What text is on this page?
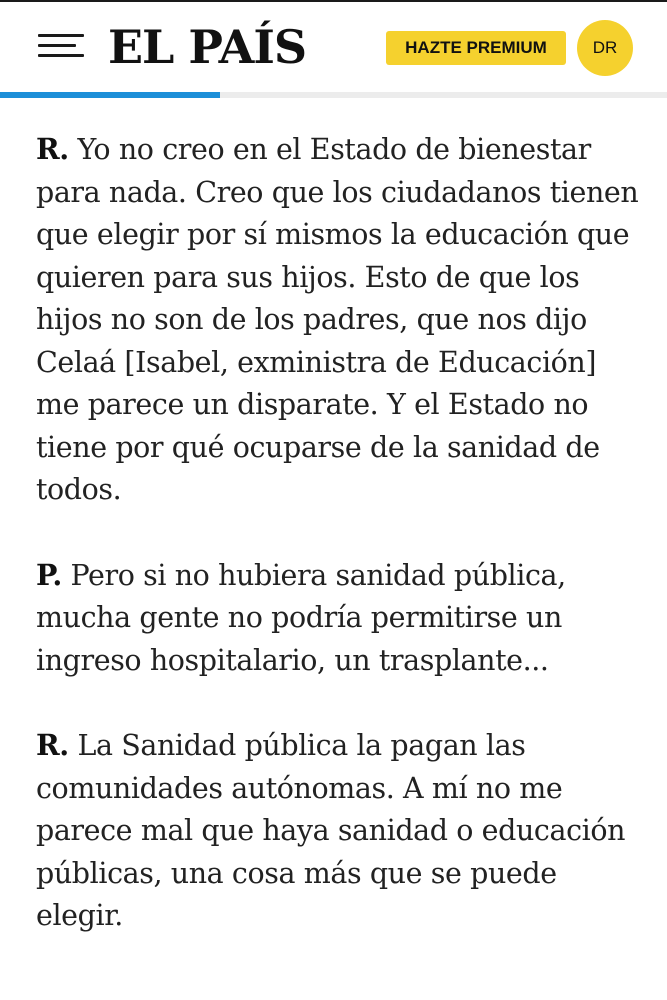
EL PAÍS	HAZTE PREMIUM	DR

R. Yo no creo en el Estado de bienestar para nada. Creo que los ciudadanos tienen que elegir por sí mismos la educación que quieren para sus hijos. Esto de que los hijos no son de los padres, que nos dijo Celaá [Isabel, exministra de Educación] me parece un disparate. Y el Estado no tiene por qué ocuparse de la sanidad de todos.

P. Pero si no hubiera sanidad pública, mucha gente no podría permitirse un ingreso hospitalario, un trasplante...

R. La Sanidad pública la pagan las comunidades autónomas. A mí no me parece mal que haya sanidad o educación públicas, una cosa más que se puede elegir.
